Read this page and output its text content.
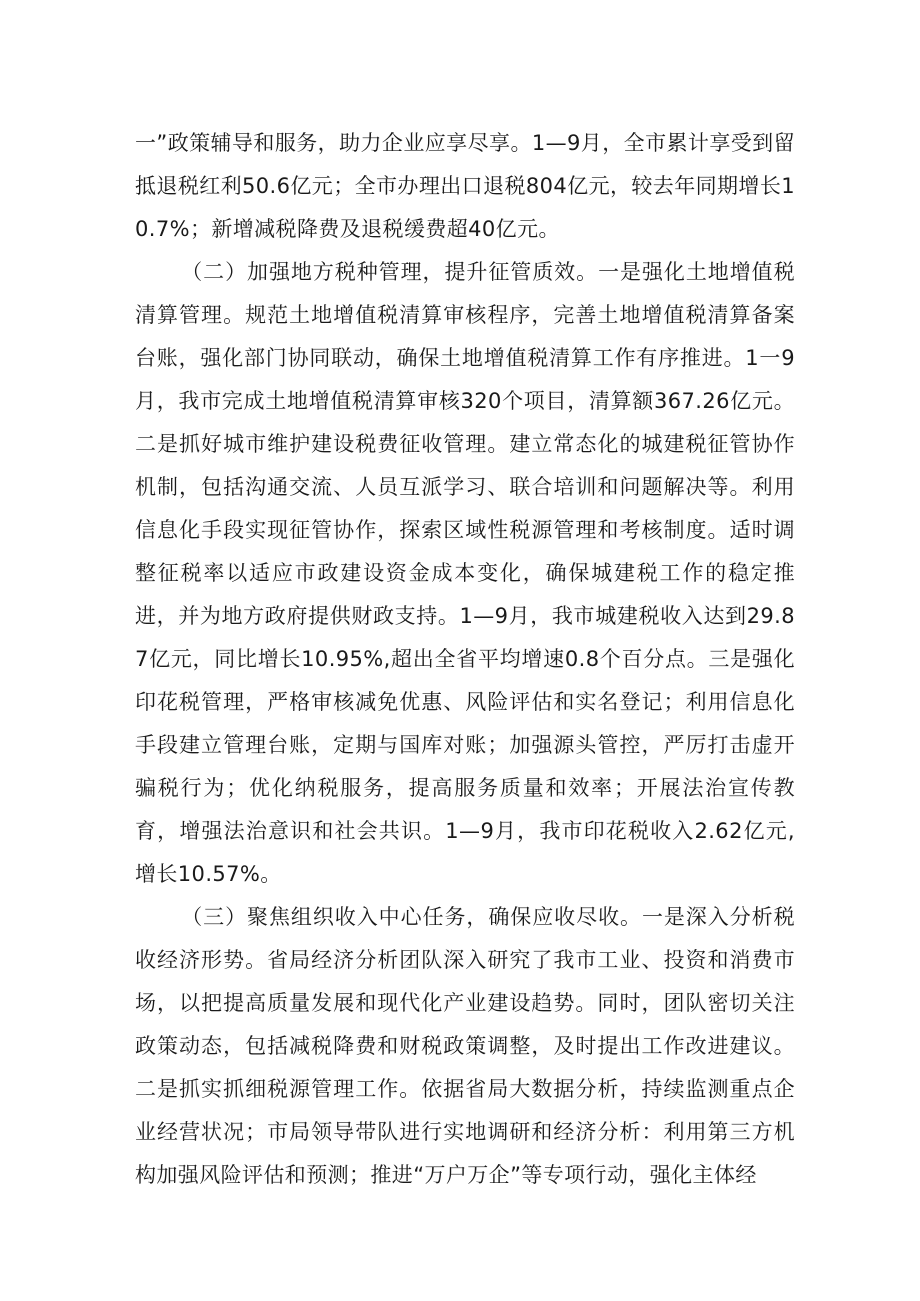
一”政策辅导和服务，助力企业应享尽享。1—9月，全市累计享受到留抵退税红利50.6亿元；全市办理出口退税804亿元，较去年同期增长10.7%；新增减税降费及退税缓费超40亿元。

（二）加强地方税种管理，提升征管质效。一是强化土地增值税清算管理。规范土地增值税清算审核程序，完善土地增值税清算备案台账，强化部门协同联动，确保土地增值税清算工作有序推进。1一9月，我市完成土地增值税清算审核320个项目，清算额367.26亿元。二是抓好城市维护建设税费征收管理。建立常态化的城建税征管协作机制，包括沟通交流、人员互派学习、联合培训和问题解决等。利用信息化手段实现征管协作，探索区域性税源管理和考核制度。适时调整征税率以适应市政建设资金成本变化，确保城建税工作的稳定推进，并为地方政府提供财政支持。1—9月，我市城建税收入达到29.87亿元，同比增长10.95%,超出全省平均增速0.8个百分点。三是强化印花税管理，严格审核减免优惠、风险评估和实名登记；利用信息化手段建立管理台账，定期与国库对账；加强源头管控，严厉打击虚开骗税行为；优化纳税服务，提高服务质量和效率；开展法治宣传教育，增强法治意识和社会共识。1—9月，我市印花税收入2.62亿元,增长10.57%。

（三）聚焦组织收入中心任务，确保应收尽收。一是深入分析税收经济形势。省局经济分析团队深入研究了我市工业、投资和消费市场，以把提高质量发展和现代化产业建设趋势。同时，团队密切关注政策动态，包括减税降费和财税政策调整，及时提出工作改进建议。二是抓实抓细税源管理工作。依据省局大数据分析，持续监测重点企业经营状况；市局领导带队进行实地调研和经济分析：利用第三方机构加强风险评估和预测；推进“万户万企”等专项行动，强化主体经
